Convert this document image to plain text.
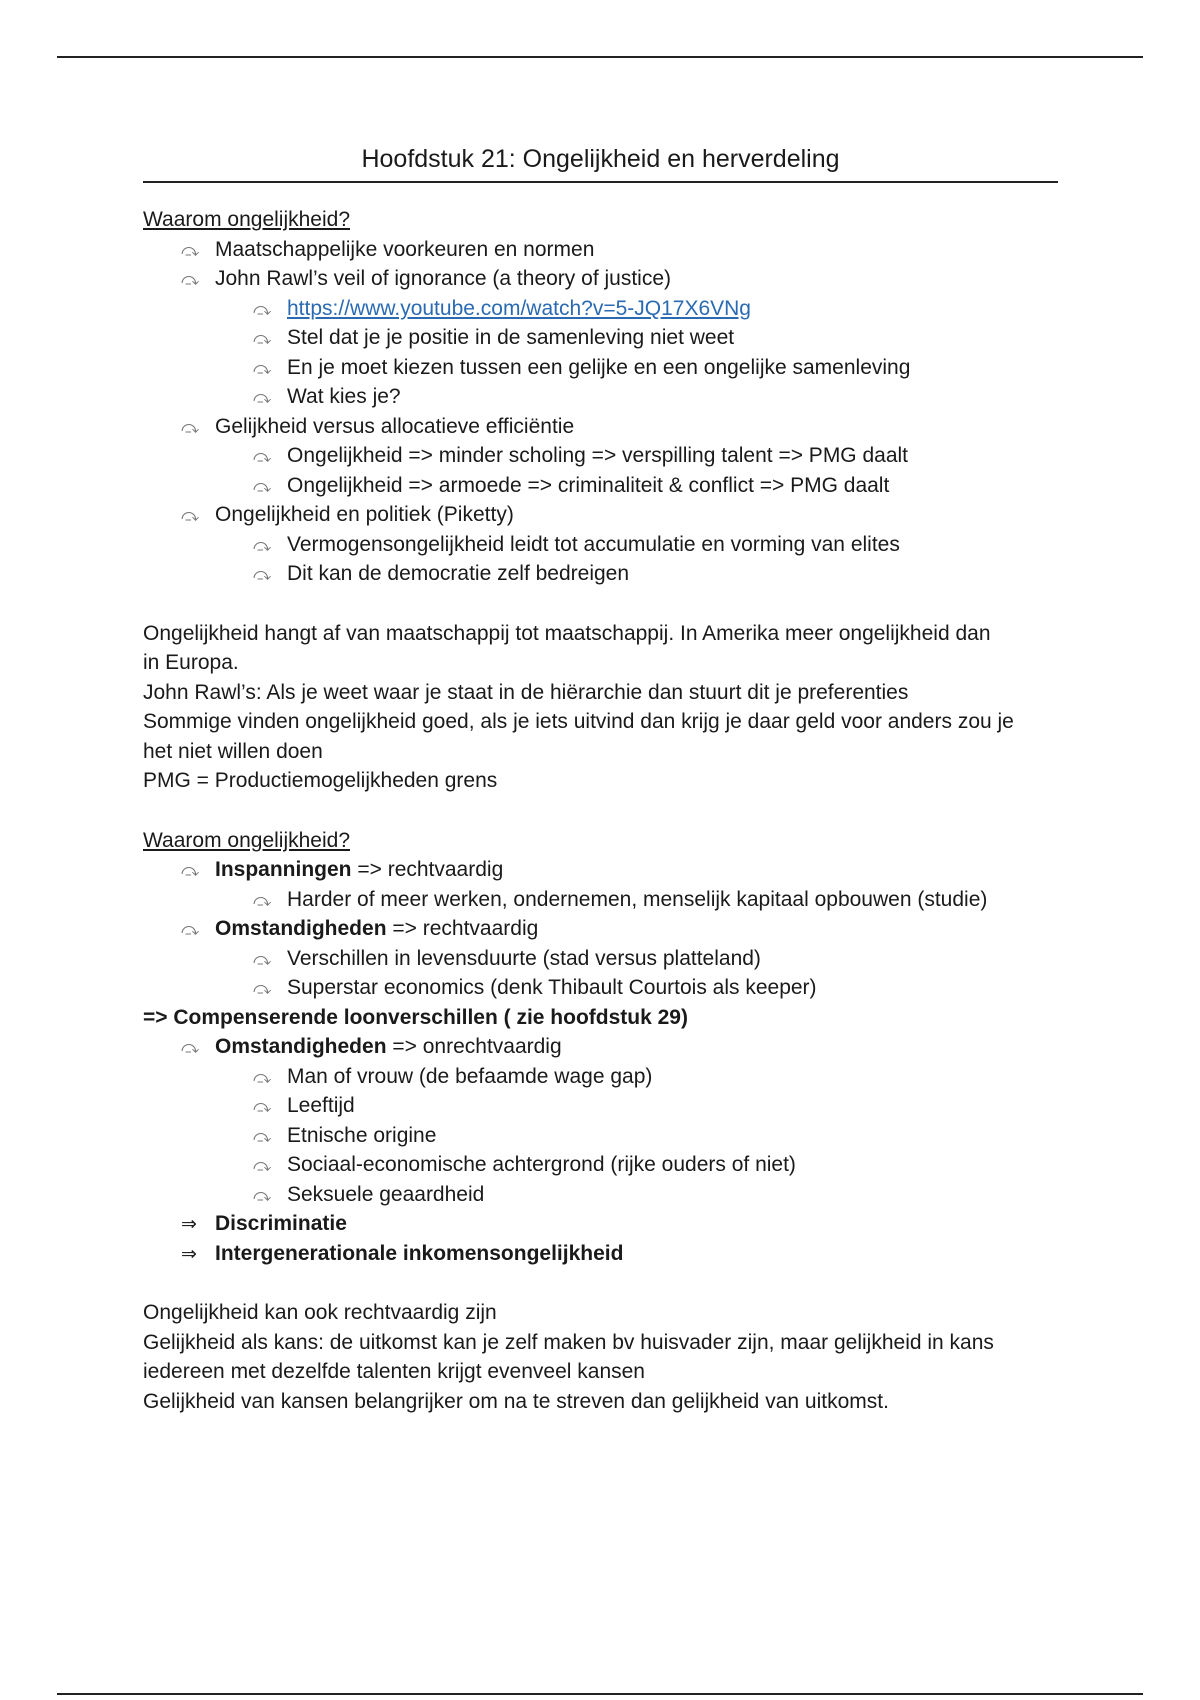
Hoofdstuk 21: Ongelijkheid en herverdeling
Waarom ongelijkheid?
⤼ Maatschappelijke voorkeuren en normen
⤼ John Rawl’s veil of ignorance (a theory of justice)
⤼ https://www.youtube.com/watch?v=5-JQ17X6VNg
⤼ Stel dat je je positie in de samenleving niet weet
⤼ En je moet kiezen tussen een gelijke en een ongelijke samenleving
⤼ Wat kies je?
⤼ Gelijkheid versus allocatieve efficiëntie
⤼ Ongelijkheid => minder scholing => verspilling talent => PMG daalt
⤼ Ongelijkheid => armoede => criminaliteit & conflict => PMG daalt
⤼ Ongelijkheid en politiek (Piketty)
⤼ Vermogensongelijkheid leidt tot accumulatie en vorming van elites
⤼ Dit kan de democratie zelf bedreigen
Ongelijkheid hangt af van maatschappij tot maatschappij. In Amerika meer ongelijkheid dan
in Europa.
John Rawl’s: Als je weet waar je staat in de hiërarchie dan stuurt dit je preferenties
Sommige vinden ongelijkheid goed, als je iets uitvind dan krijg je daar geld voor anders zou je
het niet willen doen
PMG = Productiemogelijkheden grens
Waarom ongelijkheid?
⤼ Inspanningen => rechtvaardig
⤼ Harder of meer werken, ondernemen, menselijk kapitaal opbouwen (studie)
⤼ Omstandigheden => rechtvaardig
⤼ Verschillen in levensduurte (stad versus platteland)
⤼ Superstar economics (denk Thibault Courtois als keeper)
=> Compenserende loonverschillen ( zie hoofdstuk 29)
⤼ Omstandigheden => onrechtvaardig
⤼ Man of vrouw (de befaamde wage gap)
⤼ Leeftijd
⤼ Etnische origine
⤼ Sociaal-economische achtergrond (rijke ouders of niet)
⤼ Seksuele geaardheid
⇒ Discriminatie
⇒ Intergenerationale inkomensongelijkheid
Ongelijkheid kan ook rechtvaardig zijn
Gelijkheid als kans: de uitkomst kan je zelf maken bv huisvader zijn, maar gelijkheid in kans
iedereen met dezelfde talenten krijgt evenveel kansen
Gelijkheid van kansen belangrijker om na te streven dan gelijkheid van uitkomst.
